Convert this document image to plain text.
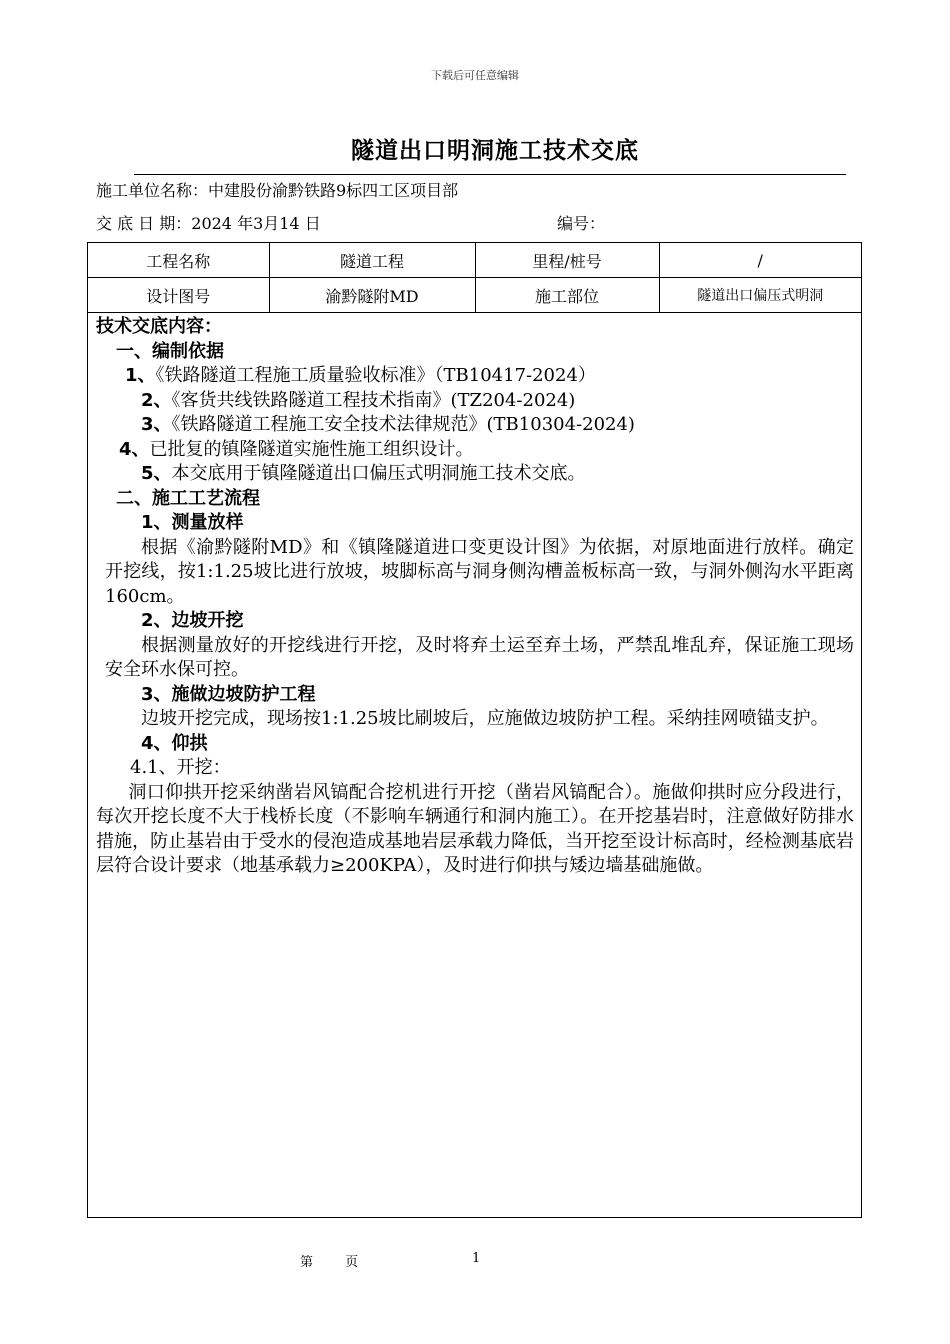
下载后可任意编辑
隧道出口明洞施工技术交底
施工单位名称：中建股份渝黔铁路9标四工区项目部
交 底 日 期：2024 年3月14 日	编号：
工程名称	隧道工程	里程/桩号	/
设计图号	渝黔隧附MD	施工部位	隧道出口偏压式明洞
技术交底内容：
一、编制依据
1、《铁路隧道工程施工质量验收标准》（TB10417-2024）
2、《客货共线铁路隧道工程技术指南》(TZ204-2024)
3、《铁路隧道工程施工安全技术法律规范》(TB10304-2024)
4、已批复的镇隆隧道实施性施工组织设计。
5、本交底用于镇隆隧道出口偏压式明洞施工技术交底。
二、施工工艺流程
1、测量放样
根据《渝黔隧附MD》和《镇隆隧道进口变更设计图》为依据，对原地面进行放样。确定开挖线，按1:1.25坡比进行放坡，坡脚标高与洞身侧沟槽盖板标高一致，与洞外侧沟水平距离160cm。
2、边坡开挖
根据测量放好的开挖线进行开挖，及时将弃土运至弃土场，严禁乱堆乱弃，保证施工现场安全环水保可控。
3、施做边坡防护工程
边坡开挖完成，现场按1:1.25坡比刷坡后，应施做边坡防护工程。采纳挂网喷锚支护。
4、仰拱
4.1、开挖：
洞口仰拱开挖采纳凿岩风镐配合挖机进行开挖（凿岩风镐配合）。施做仰拱时应分段进行，每次开挖长度不大于栈桥长度（不影响车辆通行和洞内施工）。在开挖基岩时，注意做好防排水措施，防止基岩由于受水的侵泡造成基地岩层承载力降低，当开挖至设计标高时，经检测基底岩层符合设计要求（地基承载力≥200KPA），及时进行仰拱与矮边墙基础施做。
第 页	1
